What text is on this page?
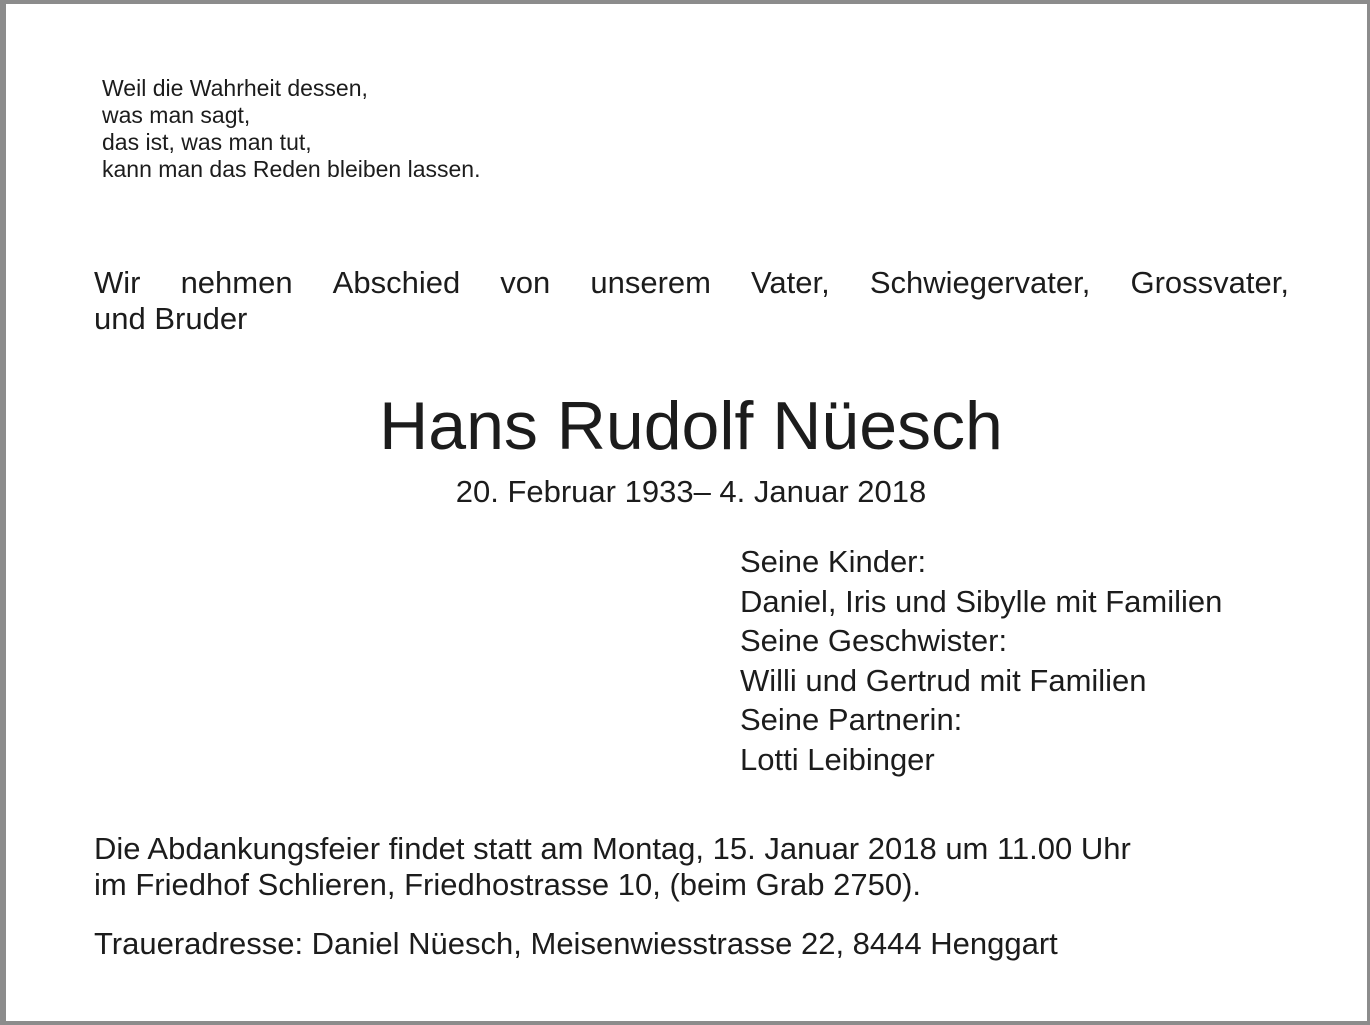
Weil die Wahrheit dessen,
was man sagt,
das ist, was man tut,
kann man das Reden bleiben lassen.
Wir nehmen Abschied von unserem Vater, Schwiegervater, Grossvater,
und Bruder
Hans Rudolf Nüesch
20. Februar 1933– 4. Januar 2018
Seine Kinder:
Daniel, Iris und Sibylle mit Familien
Seine Geschwister:
Willi und Gertrud mit Familien
Seine Partnerin:
Lotti Leibinger
Die Abdankungsfeier findet statt am Montag, 15. Januar 2018 um 11.00 Uhr
im Friedhof Schlieren, Friedhostrasse 10, (beim Grab 2750).
Traueradresse: Daniel Nüesch, Meisenwiesstrasse 22, 8444 Henggart
